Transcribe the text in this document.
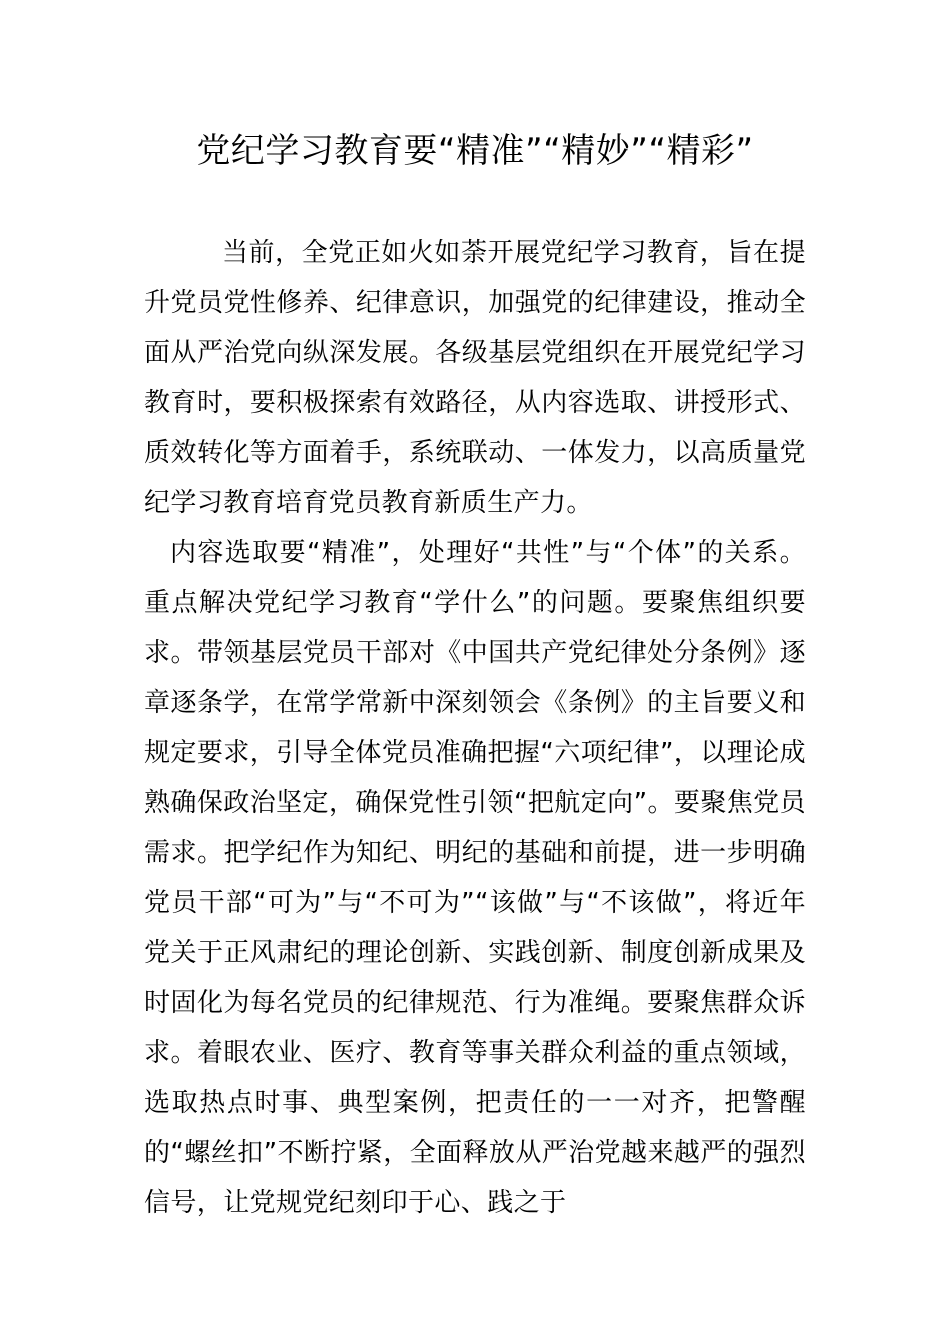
党纪学习教育要“精准”“精妙”“精彩”

当前，全党正如火如荼开展党纪学习教育，旨在提升党员党性修养、纪律意识，加强党的纪律建设，推动全面从严治党向纵深发展。各级基层党组织在开展党纪学习教育时，要积极探索有效路径，从内容选取、讲授形式、质效转化等方面着手，系统联动、一体发力，以高质量党纪学习教育培育党员教育新质生产力。

内容选取要“精准”，处理好“共性”与“个体”的关系。重点解决党纪学习教育“学什么”的问题。要聚焦组织要求。带领基层党员干部对《中国共产党纪律处分条例》逐章逐条学，在常学常新中深刻领会《条例》的主旨要义和规定要求，引导全体党员准确把握“六项纪律”，以理论成熟确保政治坚定，确保党性引领“把航定向”。要聚焦党员需求。把学纪作为知纪、明纪的基础和前提，进一步明确党员干部“可为”与“不可为”“该做”与“不该做”，将近年党关于正风肃纪的理论创新、实践创新、制度创新成果及时固化为每名党员的纪律规范、行为准绳。要聚焦群众诉求。着眼农业、医疗、教育等事关群众利益的重点领域，选取热点时事、典型案例，把责任的一一对齐，把警醒的“螺丝扣”不断拧紧，全面释放从严治党越来越严的强烈信号，让党规党纪刻印于心、践之于
